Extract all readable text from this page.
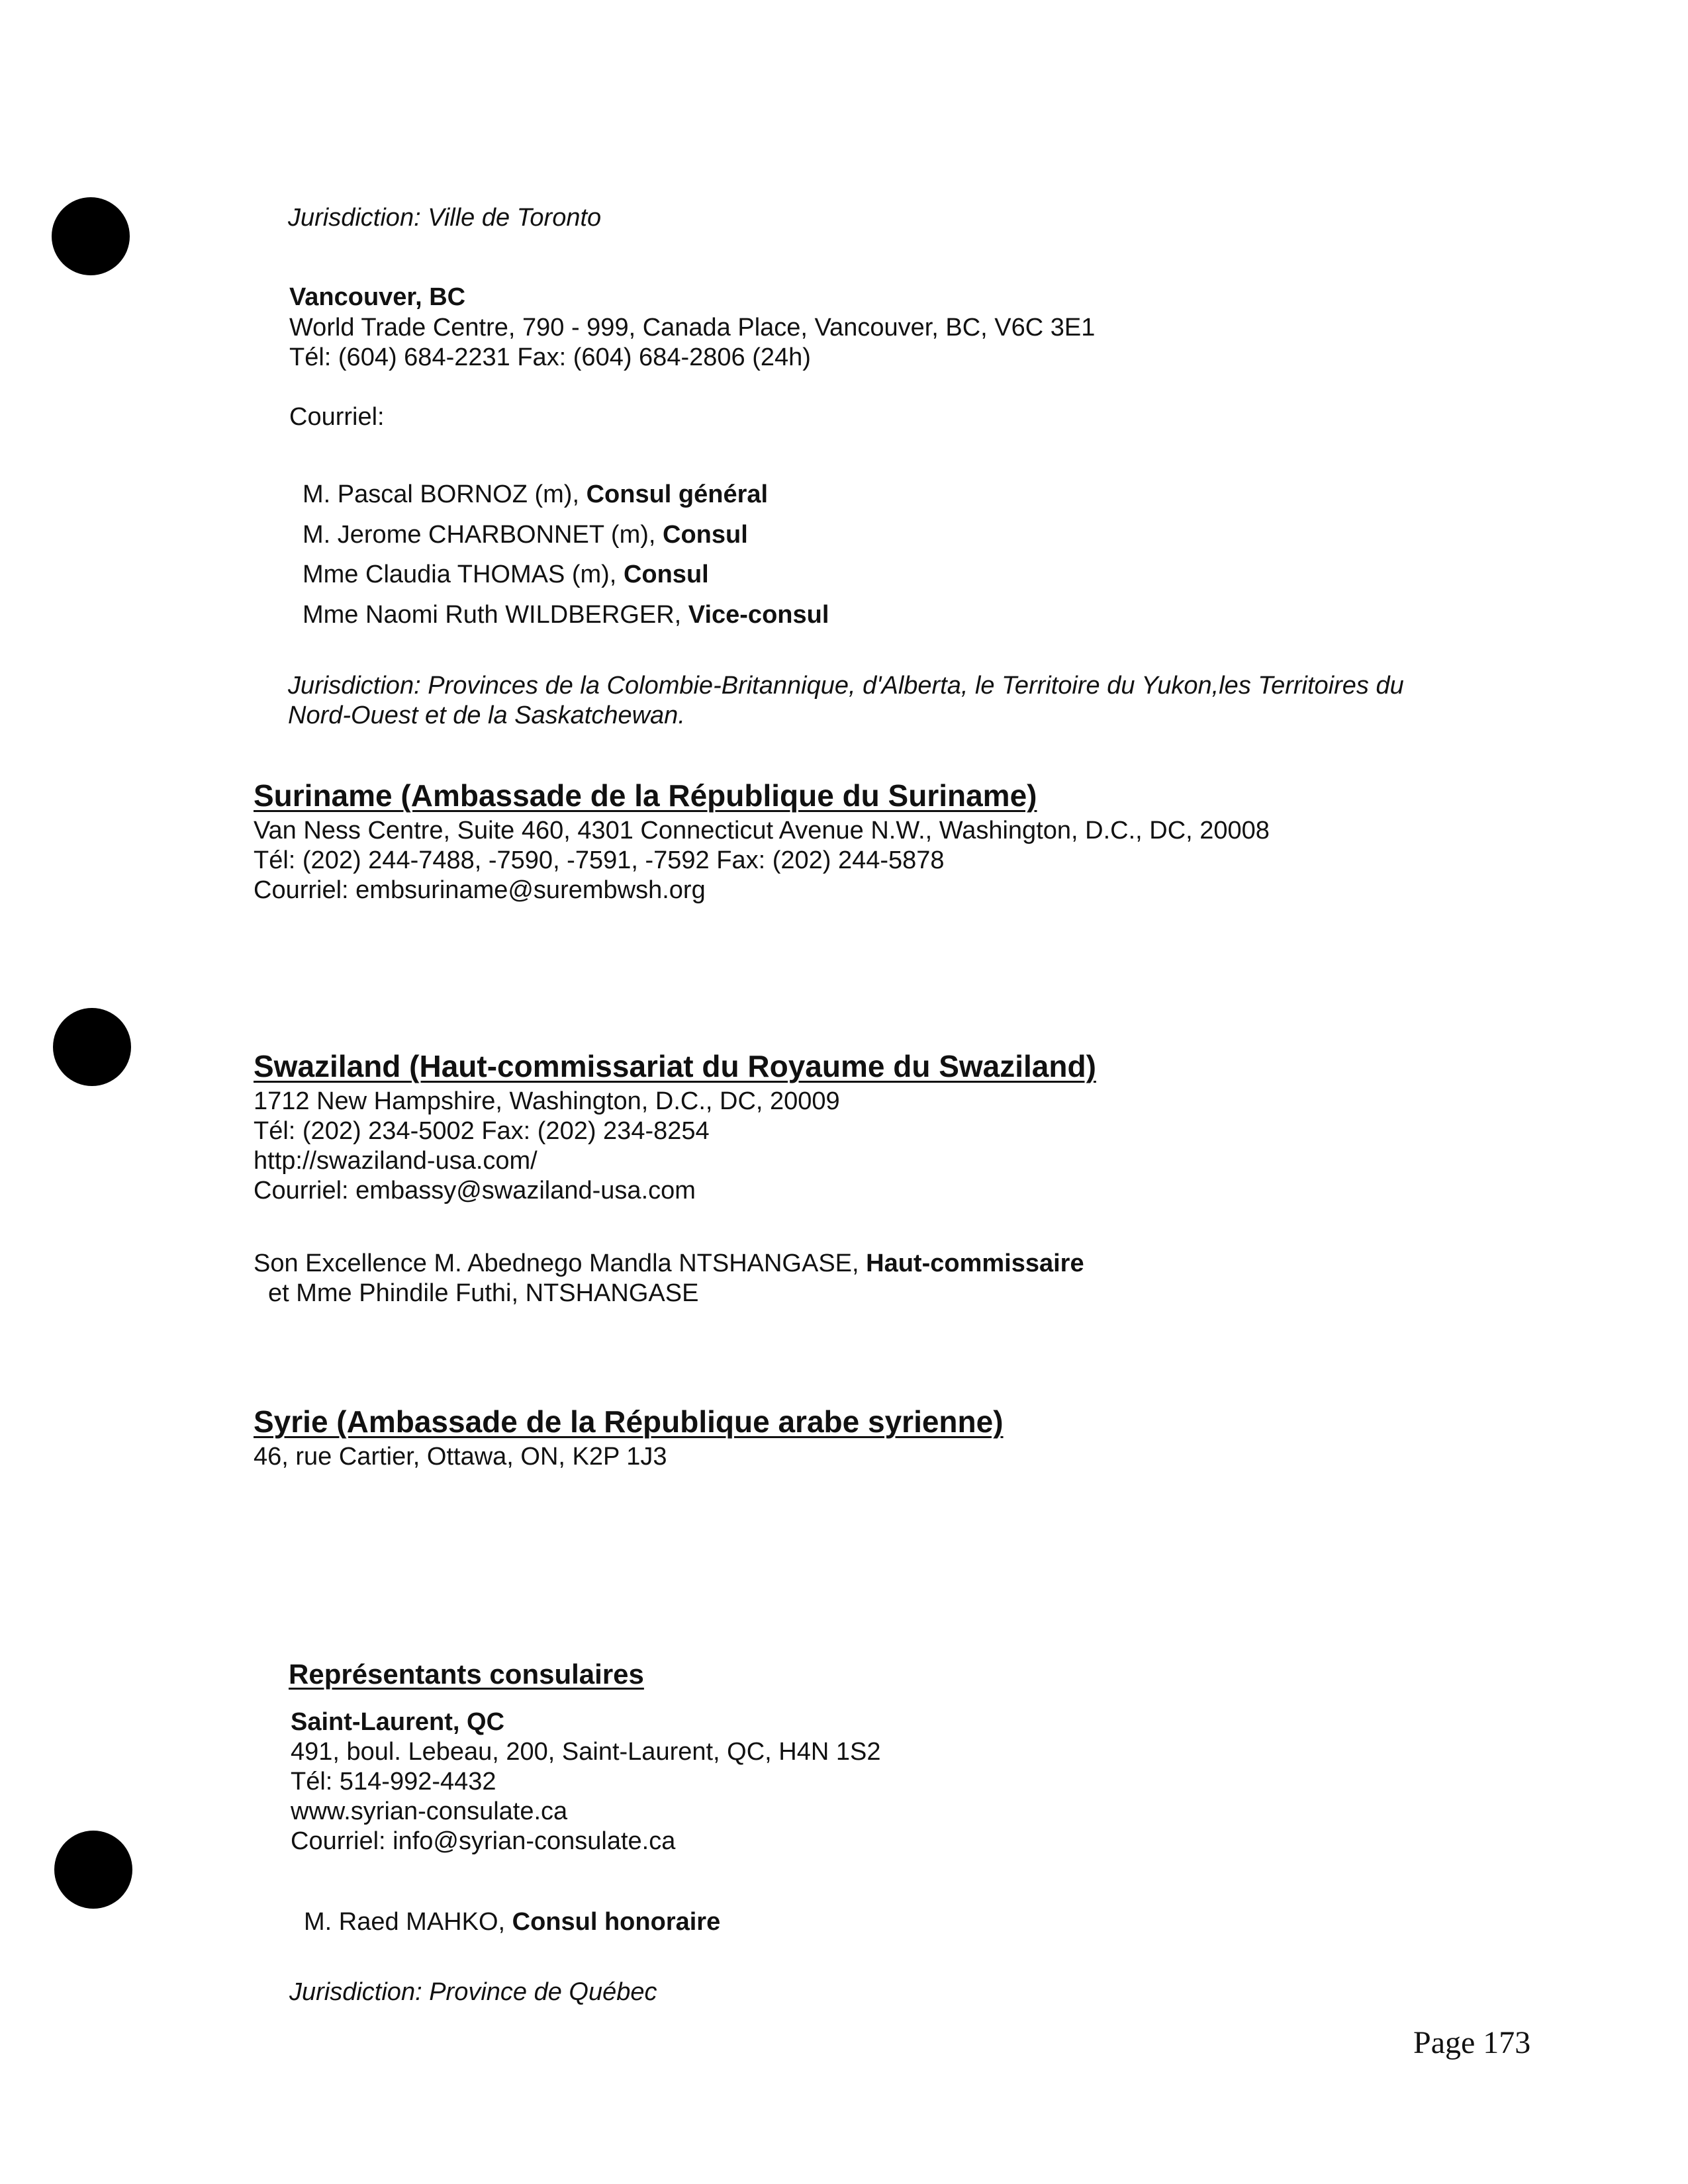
Jurisdiction: Ville de Toronto
Vancouver, BC
World Trade Centre, 790 - 999, Canada Place, Vancouver, BC, V6C 3E1
Tél: (604) 684-2231 Fax: (604) 684-2806 (24h)
Courriel:
M. Pascal BORNOZ (m), Consul général
M. Jerome CHARBONNET (m), Consul
Mme Claudia THOMAS (m), Consul
Mme Naomi Ruth WILDBERGER, Vice-consul
Jurisdiction: Provinces de la Colombie-Britannique, d'Alberta, le Territoire du Yukon,les Territoires du
Nord-Ouest et de la Saskatchewan.
Suriname (Ambassade de la République du Suriname)
Van Ness Centre, Suite 460, 4301 Connecticut Avenue N.W., Washington, D.C., DC, 20008
Tél: (202) 244-7488, -7590, -7591, -7592 Fax: (202) 244-5878
Courriel: embsuriname@surembwsh.org
Swaziland (Haut-commissariat du Royaume du Swaziland)
1712 New Hampshire, Washington, D.C., DC, 20009
Tél: (202) 234-5002 Fax: (202) 234-8254
http://swaziland-usa.com/
Courriel: embassy@swaziland-usa.com
Son Excellence M. Abednego Mandla NTSHANGASE, Haut-commissaire
et Mme Phindile Futhi, NTSHANGASE
Syrie (Ambassade de la République arabe syrienne)
46, rue Cartier, Ottawa, ON, K2P 1J3
Représentants consulaires
Saint-Laurent, QC
491, boul. Lebeau, 200, Saint-Laurent, QC, H4N 1S2
Tél: 514-992-4432
www.syrian-consulate.ca
Courriel: info@syrian-consulate.ca
M. Raed MAHKO, Consul honoraire
Jurisdiction: Province de Québec
Page 173
